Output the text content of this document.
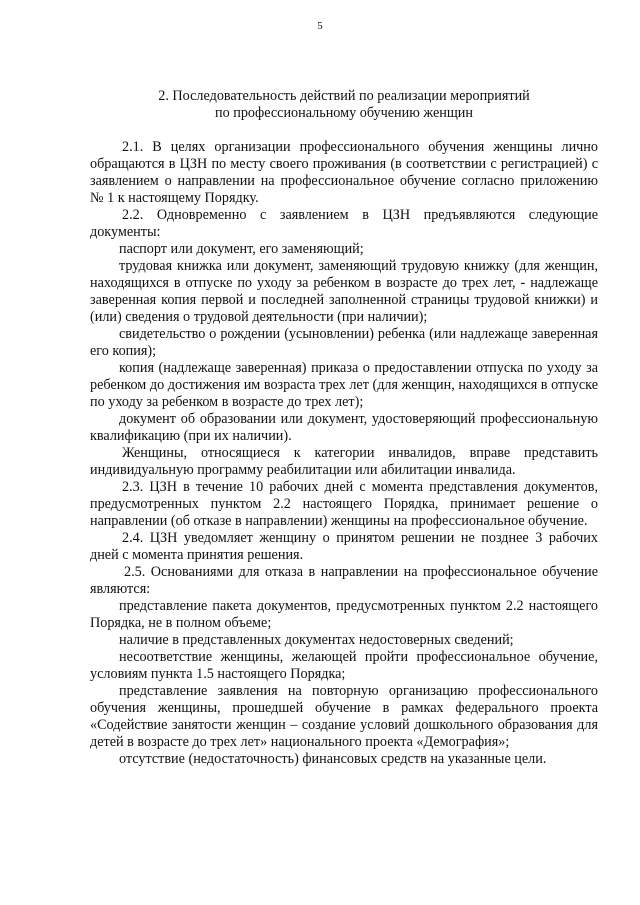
5
2. Последовательность действий по реализации мероприятий
по профессиональному обучению женщин

2.1. В целях организации профессионального обучения женщины лично обращаются в ЦЗН по месту своего проживания (в соответствии с регистрацией) с заявлением о направлении на профессиональное обучение согласно приложению № 1 к настоящему Порядку.

2.2. Одновременно с заявлением в ЦЗН предъявляются следующие документы:

паспорт или документ, его заменяющий;

трудовая книжка или документ, заменяющий трудовую книжку (для женщин, находящихся в отпуске по уходу за ребенком в возрасте до трех лет, - надлежаще заверенная копия первой и последней заполненной страницы трудовой книжки) и (или) сведения о трудовой деятельности (при наличии);

свидетельство о рождении (усыновлении) ребенка (или надлежаще заверенная его копия);

копия (надлежаще заверенная) приказа о предоставлении отпуска по уходу за ребенком до достижения им возраста трех лет (для женщин, находящихся в отпуске по уходу за ребенком в возрасте до трех лет);

документ об образовании или документ, удостоверяющий профессиональную квалификацию (при их наличии).

Женщины, относящиеся к категории инвалидов, вправе представить индивидуальную программу реабилитации или абилитации инвалида.

2.3. ЦЗН в течение 10 рабочих дней с момента представления документов, предусмотренных пунктом 2.2 настоящего Порядка, принимает решение о направлении (об отказе в направлении) женщины на профессиональное обучение.

2.4. ЦЗН уведомляет женщину о принятом решении не позднее 3 рабочих дней с момента принятия решения.

2.5. Основаниями для отказа в направлении на профессиональное обучение являются:

представление пакета документов, предусмотренных пунктом 2.2 настоящего Порядка, не в полном объеме;

наличие в представленных документах недостоверных сведений;

несоответствие женщины, желающей пройти профессиональное обучение, условиям пункта 1.5 настоящего Порядка;

представление заявления на повторную организацию профессионального обучения женщины, прошедшей обучение в рамках федерального проекта «Содействие занятости женщин – создание условий дошкольного образования для детей в возрасте до трех лет» национального проекта «Демография»;

отсутствие (недостаточность) финансовых средств на указанные цели.
